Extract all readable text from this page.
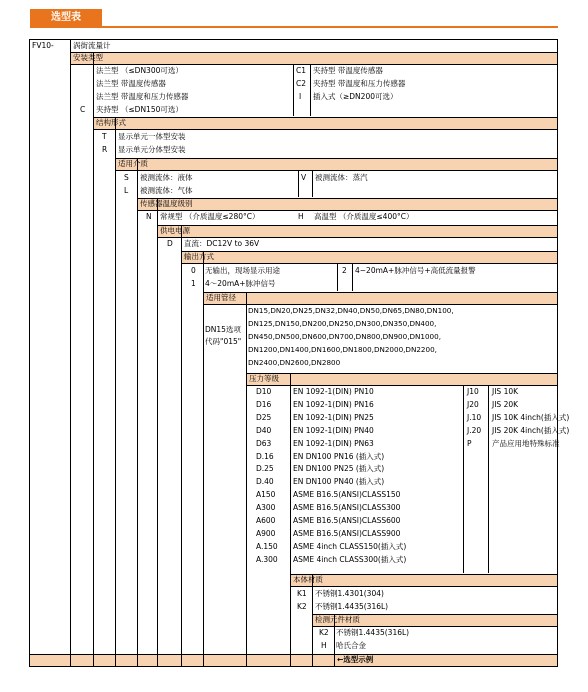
选型表
FV10-	涡街流量计
安装类型
法兰型 （≤DN300可选）
法兰型 带温度传感器
法兰型 带温度和压力传感器
C 夹持型 （≤DN150可选）
C1 夹持型 带温度传感器
C2 夹持型 带温度和压力传感器
I 插入式（≥DN200可选）
结构形式
T 显示单元一体型安装
R 显示单元分体型安装
适用介质
S 被测流体：液体
L 被测流体：气体
V 被测流体：蒸汽
传感器温度级别
N 常规型 （介质温度≤280°C）	H 高温型 （介质温度≤400°C）
供电电源
D 直流：DC12V to 36V
输出方式
0 无输出，现场显示用途
1 4～20mA+脉冲信号
2 4~20mA+脉冲信号+高低流量报警
适用管径
DN15选项
代码"015"
DN15,DN20,DN25,DN32,DN40,DN50,DN65,DN80,DN100,
DN125,DN150,DN200,DN250,DN300,DN350,DN400,
DN450,DN500,DN600,DN700,DN800,DN900,DN1000,
DN1200,DN1400,DN1600,DN1800,DN2000,DN2200,
DN2400,DN2600,DN2800
压力等级
D10	EN 1092-1(DIN) PN10
D16	EN 1092-1(DIN) PN16
D25	EN 1092-1(DIN) PN25
D40	EN 1092-1(DIN) PN40
D63	EN 1092-1(DIN) PN63
D.16	EN DN100 PN16 (插入式)
D.25	EN DN100 PN25 (插入式)
D.40	EN DN100 PN40 (插入式)
A150 ASME B16.5(ANSI)CLASS150
A300 ASME B16.5(ANSI)CLASS300
A600 ASME B16.5(ANSI)CLASS600
A900 ASME B16.5(ANSI)CLASS900
A.150 ASME 4inch CLASS150(插入式)
A.300 ASME 4inch CLASS300(插入式)
J10 JIS 10K
J20 JIS 20K
J.10 JIS 10K 4inch(插入式)
J.20 JIS 20K 4inch(插入式)
P	产品应用地特殊标准
本体材质
K1 不锈钢1.4301(304)
K2 不锈钢1.4435(316L)
检测元件材质
K2 不锈钢1.4435(316L)
H 哈氏合金
←选型示例
